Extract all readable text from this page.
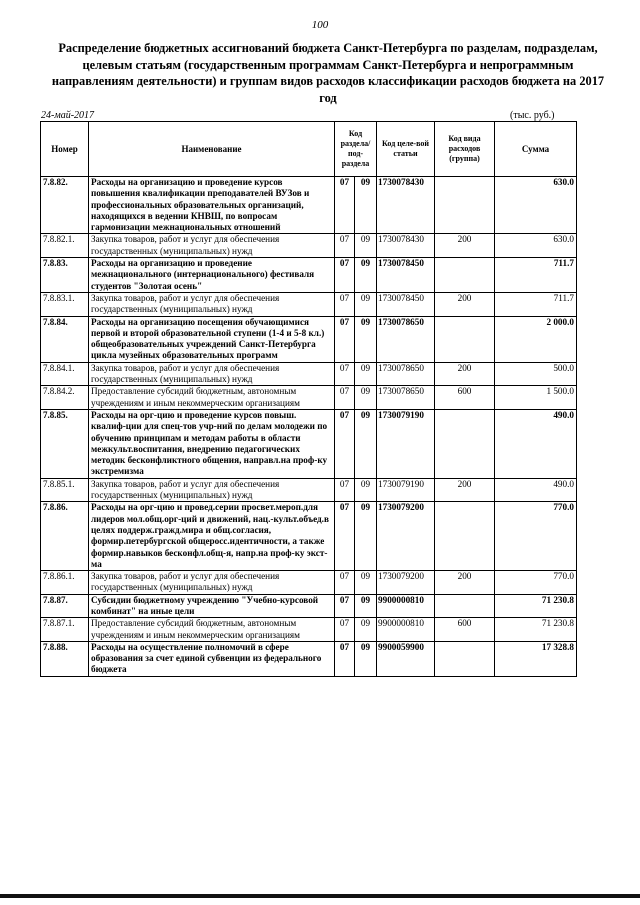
100
Распределение бюджетных ассигнований бюджета Санкт-Петербурга по разделам, подразделам, целевым статьям (государственным программам Санкт-Петербурга и непрограммным направлениям деятельности) и группам видов расходов классификации расходов бюджета на 2017 год
24-май-2017	(тыс. руб.)
Номер	Наименование	Код раздела/ под-раздела		Код целе-вой статьи	Код вида расходов (группа)	Сумма
7.8.82.	Расходы на организацию и проведение курсов повышения квалификации преподавателей ВУЗов и профессиональных образовательных организаций, находящихся в ведении КНВШ, по вопросам гармонизации межнациональных отношений	07	09	1730078430		630.0
7.8.82.1.	Закупка товаров, работ и услуг для обеспечения государственных (муниципальных) нужд	07	09	1730078430	200	630.0
7.8.83.	Расходы на организацию и проведение межнационального (интернационального) фестиваля студентов "Золотая осень"	07	09	1730078450		711.7
7.8.83.1.	Закупка товаров, работ и услуг для обеспечения государственных (муниципальных) нужд	07	09	1730078450	200	711.7
7.8.84.	Расходы на организацию посещения обучающимися первой и второй образовательной ступени (1-4 и 5-8 кл.) общеобразовательных учреждений Санкт-Петербурга цикла музейных образовательных программ	07	09	1730078650		2 000.0
7.8.84.1.	Закупка товаров, работ и услуг для обеспечения государственных (муниципальных) нужд	07	09	1730078650	200	500.0
7.8.84.2.	Предоставление субсидий бюджетным, автономным учреждениям и иным некоммерческим организациям	07	09	1730078650	600	1 500.0
7.8.85.	Расходы на орг-цию и проведение курсов повыш. квалиф-ции для спец-тов учр-ний по делам молодежи по обучению принципам и методам работы в области межкульт.воспитания, внедрению педагогических методик бесконфликтного общения, направл.на проф-ку экстремизма	07	09	1730079190		490.0
7.8.85.1.	Закупка товаров, работ и услуг для обеспечения государственных (муниципальных) нужд	07	09	1730079190	200	490.0
7.8.86.	Расходы на орг-цию и провед.серии просвет.мероп.для лидеров мол.общ.орг-ций и движений, нац.-культ.объед.в целях поддерж.гражд.мира и общ.согласия, формир.петербургской общеросс.идентичности, а также формир.навыков бесконфл.общ-я, напр.на проф-ку экст-ма	07	09	1730079200		770.0
7.8.86.1.	Закупка товаров, работ и услуг для обеспечения государственных (муниципальных) нужд	07	09	1730079200	200	770.0
7.8.87.	Субсидии бюджетному учреждению "Учебно-курсовой комбинат" на иные цели	07	09	9900000810		71 230.8
7.8.87.1.	Предоставление субсидий бюджетным, автономным учреждениям и иным некоммерческим организациям	07	09	9900000810	600	71 230.8
7.8.88.	Расходы на осуществление полномочий в сфере образования за счет единой субвенции из федерального бюджета	07	09	9900059900		17 328.8
